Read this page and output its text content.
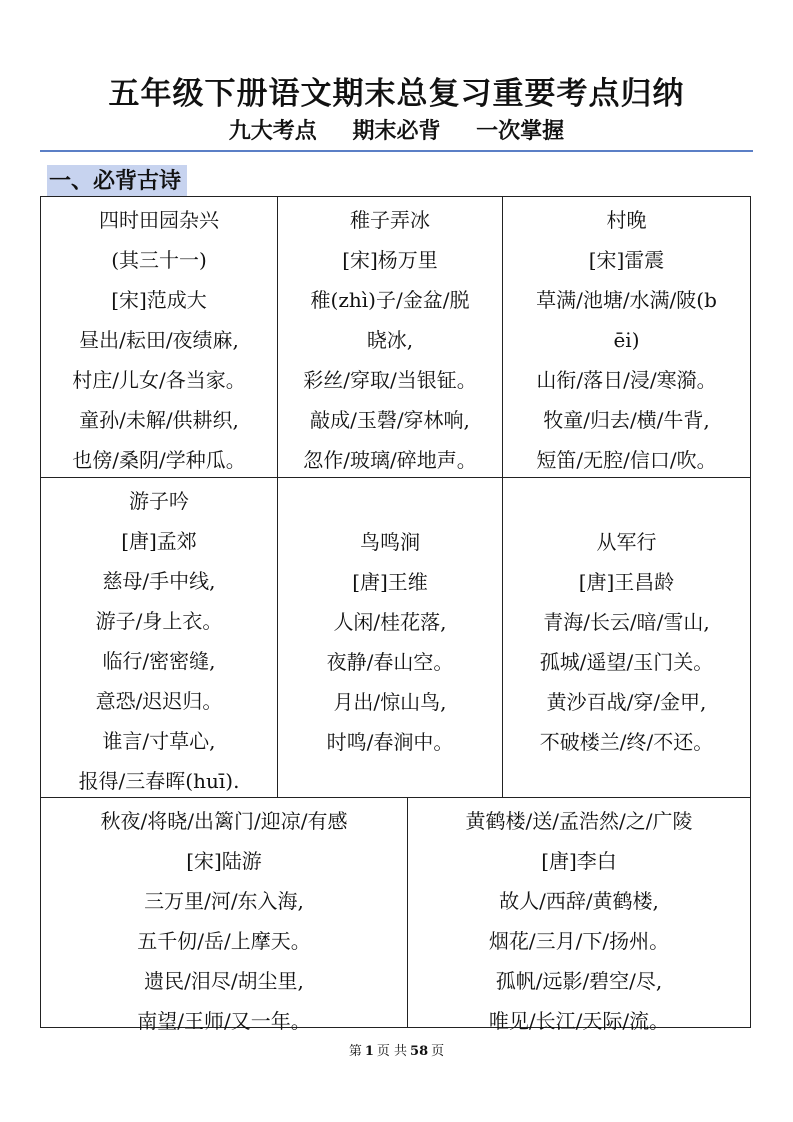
五年级下册语文期末总复习重要考点归纳
九大考点 期末必背 一次掌握
一、必背古诗
四时田园杂兴
(其三十一)
[宋]范成大
昼出/耘田/夜绩麻,
村庄/儿女/各当家。
童孙/未解/供耕织,
也傍/桑阴/学种瓜。
稚子弄冰
[宋]杨万里
稚(zhì)子/金盆/脱
晓冰,
彩丝/穿取/当银钲。
敲成/玉磬/穿林响,
忽作/玻璃/碎地声。
村晚
[宋]雷震
草满/池塘/水满/陂(b
ēi)
山衔/落日/浸/寒漪。
牧童/归去/横/牛背,
短笛/无腔/信口/吹。
游子吟
[唐]孟郊
慈母/手中线,
游子/身上衣。
临行/密密缝,
意恐/迟迟归。
谁言/寸草心,
报得/三春晖(huī).
鸟鸣涧
[唐]王维
人闲/桂花落,
夜静/春山空。
月出/惊山鸟,
时鸣/春涧中。
从军行
[唐]王昌龄
青海/长云/暗/雪山,
孤城/遥望/玉门关。
黄沙百战/穿/金甲,
不破楼兰/终/不还。
秋夜/将晓/出篱门/迎凉/有感
[宋]陆游
三万里/河/东入海,
五千仞/岳/上摩天。
遗民/泪尽/胡尘里,
南望/王师/又一年。
黄鹤楼/送/孟浩然/之/广陵
[唐]李白
故人/西辞/黄鹤楼,
烟花/三月/下/扬州。
孤帆/远影/碧空/尽,
唯见/长江/天际/流。
第 1 页 共 58 页
